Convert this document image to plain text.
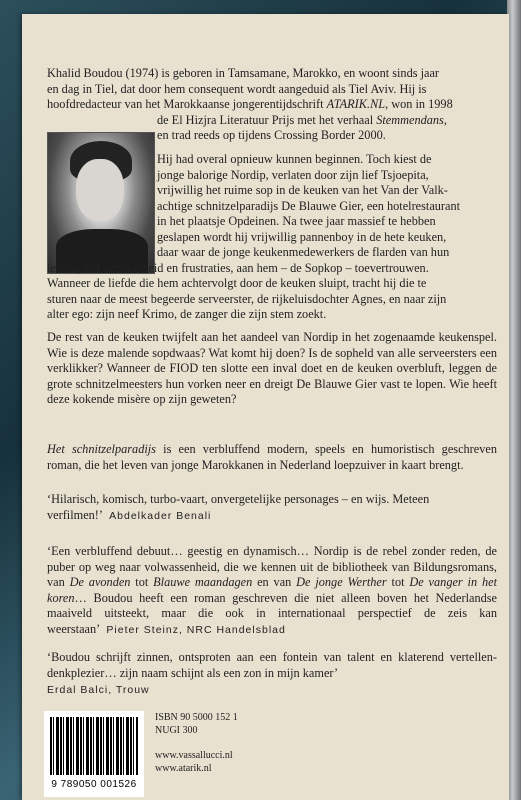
Khalid Boudou (1974) is geboren in Tamsamane, Marokko, en woont sinds jaar

en dag in Tiel, dat door hem consequent wordt aangeduid als Tiel Aviv. Hij is

hoofdredacteur van het Marokkaanse jongerentijdschrift ATARIK.NL, won in 1998

de El Hizjra Literatuur Prijs met het verhaal Stemmendans,

en trad reeds op tijdens Crossing Border 2000.

Hij had overal opnieuw kunnen beginnen. Toch kiest de

jonge balorige Nordip, verlaten door zijn lief Tsjoepita,

vrijwillig het ruime sop in de keuken van het Van der Valk-

achtige schnitzelparadijs De Blauwe Gier, een hotelrestaurant

in het plaatsje Opdeinen. Na twee jaar massief te hebben

geslapen wordt hij vrijwillig pannenboy in de hete keuken,

daar waar de jonge keukenmedewerkers de flarden van hun

levens, vol onzekerheid en frustraties, aan hem – de Sopkop – toevertrouwen.

Wanneer de liefde die hem achtervolgt door de keuken sluipt, tracht hij die te

sturen naar de meest begeerde serveerster, de rijkeluisdochter Agnes, en naar zijn

alter ego: zijn neef Krimo, de zanger die zijn stem zoekt.

De rest van de keuken twijfelt aan het aandeel van Nordip in het zogenaamde keukenspel. Wie is deze malende sopdwaas? Wat komt hij doen? Is de sopheld van alle serveersters een verklikker? Wanneer de FIOD ten slotte een inval doet en de keuken overbluft, leggen de grote schnitzelmeesters hun vorken neer en dreigt De Blauwe Gier vast te lopen. Wie heeft deze kokende misère op zijn geweten?

Het schnitzelparadijs is een verbluffend modern, speels en humoristisch geschreven roman, die het leven van jonge Marokkanen in Nederland loepzuiver in kaart brengt.

‘Hilarisch, komisch, turbo-vaart, onvergetelijke personages – en wijs. Meteen verfilmen!’ Abdelkader Benali

‘Een verbluffend debuut… geestig en dynamisch… Nordip is de rebel zonder reden, de puber op weg naar volwassenheid, die we kennen uit de bibliotheek van Bildungsromans, van De avonden tot Blauwe maandagen en van De jonge Werther tot De vanger in het koren… Boudou heeft een roman geschreven die niet alleen boven het Nederlandse maaiveld uitsteekt, maar die ook in internationaal perspectief de zeis kan weerstaan’ Pieter Steinz, NRC Handelsblad

‘Boudou schrijft zinnen, ontsproten aan een fontein van talent en klaterend vertellen-denkplezier… zijn naam schijnt als een zon in mijn kamer’

Erdal Balci, Trouw

9 789050 001526
ISBN 90 5000 152 1
NUGI 300
www.vassallucci.nl
www.atarik.nl
